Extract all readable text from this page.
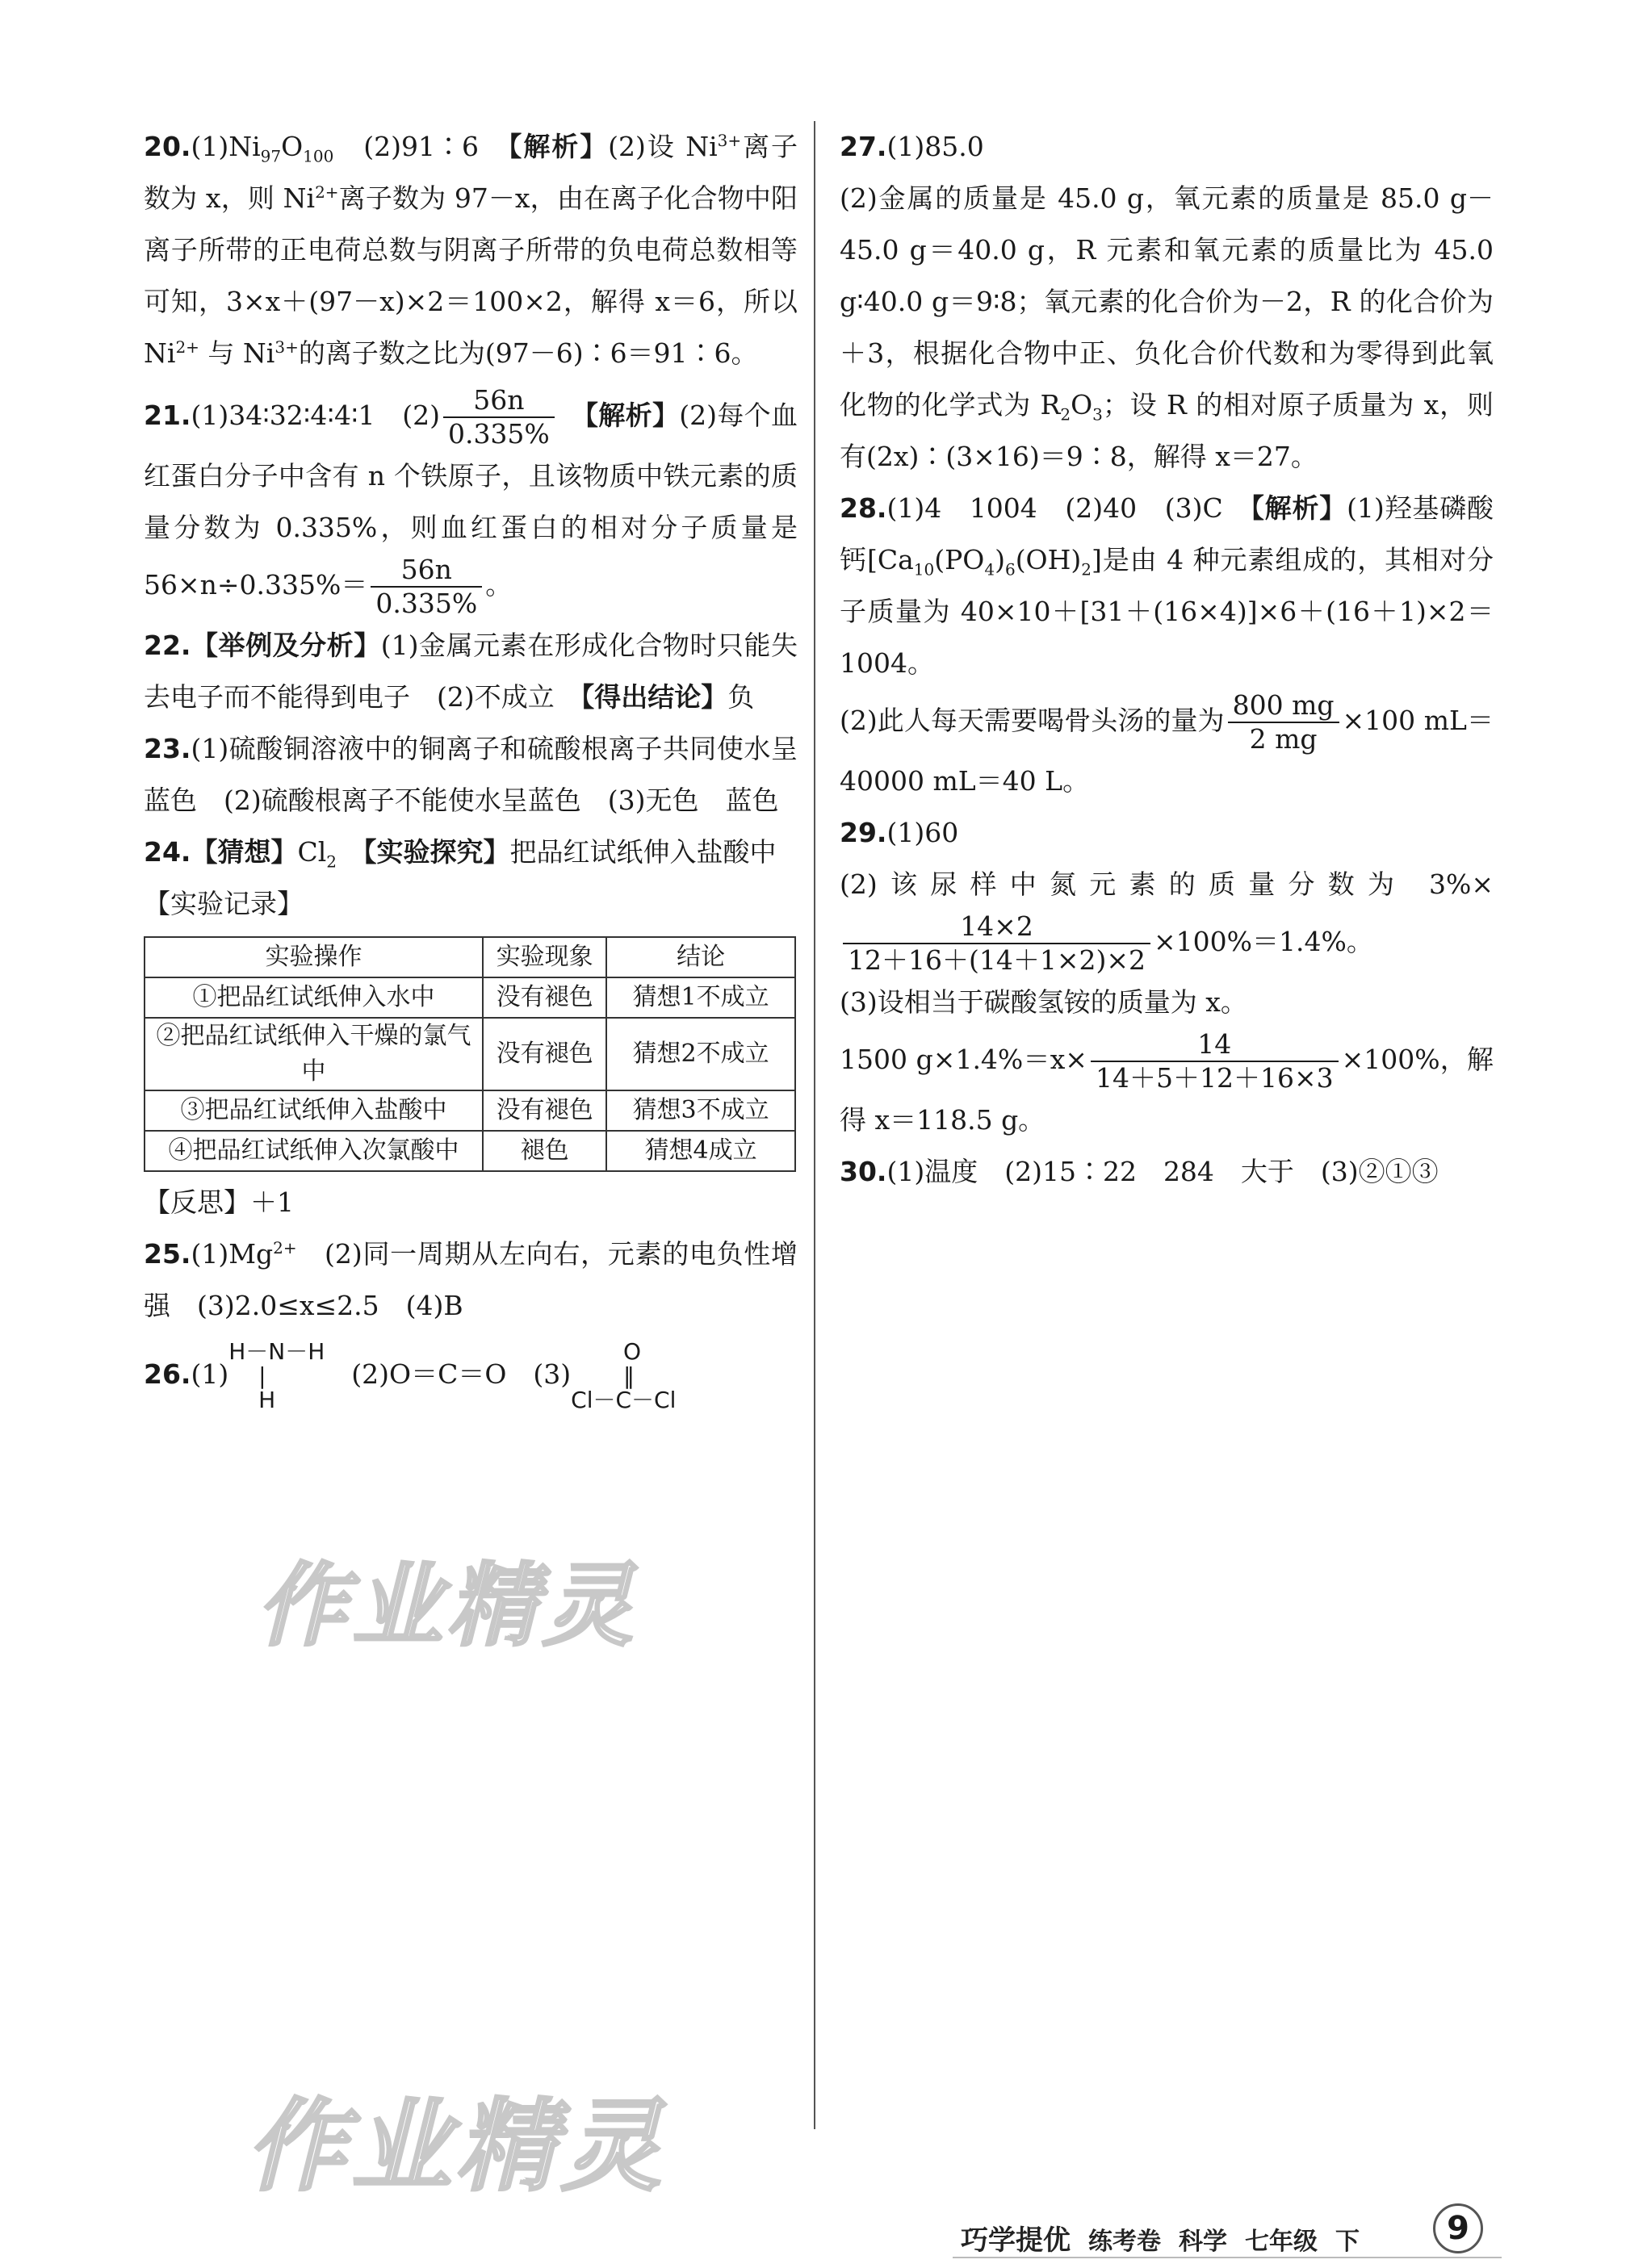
$20.(1)Ni_{97}O_{100}$　(2)91∶6　【解析】(2)设 $Ni^{3+}$离子数为 x，则 $Ni^{2+}$离子数为 97－x，由在离子化合物中阳离子所带的正电荷总数与阴离子所带的负电荷总数相等可知，3×x＋(97－x)×2＝100×2，解得 x＝6，所以 $Ni^{2+}$ 与 $Ni^{3+}$的离子数之比为(97－6)∶6＝91∶6。

21.(1)34∶32∶4∶4∶1　$(2) \frac{56n}{0.335\%}$ 　【解析】(2)每个血红蛋白分子中含有 n 个铁原子，且该物质中铁元素的质量分数为 0.335%，则血红蛋白的相对分子质量是 $56\times n\div 0.335\%= \frac{56n}{0.335\%}$ 。

22.【举例及分析】(1)金属元素在形成化合物时只能失去电子而不能得到电子　(2)不成立　【得出结论】负

23.(1)硫酸铜溶液中的铜离子和硫酸根离子共同使水呈蓝色　(2)硫酸根离子不能使水呈蓝色　(3)无色　蓝色

24.【猜想】$Cl_2$　【实验探究】把品红试纸伸入盐酸中

【实验记录】

实验操作	实验现象	结论
①把品红试纸伸入水中	没有褪色	猜想1不成立
②把品红试纸伸入干燥的氯气中	没有褪色	猜想2不成立
③把品红试纸伸入盐酸中	没有褪色	猜想3不成立
④把品红试纸伸入次氯酸中	褪色	猜想4成立

【反思】＋1

$25.(1)Mg^{2+}$　(2)同一周期从左向右，元素的电负性增强　(3)2.0≤x≤2.5　(4)B

26.(1)
H－N－H
　 |
　 H
　(2)O＝C＝O　(3)
　　 O
　　 ‖
Cl－C－Cl

27.(1)85.0

(2)金属的质量是 45.0 g，氧元素的质量是 85.0 g－45.0 g＝40.0 g，R 元素和氧元素的质量比为 45.0 g∶40.0 g＝9∶8；氧元素的化合价为－2，R 的化合价为＋3，根据化合物中正、负化合价代数和为零得到此氧化物的化学式为 $R_2O_3$；设 R 的相对原子质量为 x，则有(2x)∶(3×16)＝9∶8，解得 x＝27。

28.(1)4　1004　(2)40　(3)C　【解析】(1)羟基磷酸钙$[Ca_{10}(PO_4)_6(OH)_2]$是由 4 种元素组成的，其相对分子质量为 40×10＋[31＋(16×4)]×6＋(16＋1)×2＝1004。

(2)此人每天需要喝骨头汤的量为 $\frac{800 mg}{2 mg} \times 100$ mL＝40000 mL＝40 L。

29.(1)60

(2)该尿样中氮元素的质量分数为 3%×
$\frac{14\times 2}{12+16+(14+1\times 2)\times 2} \times 100\%=1.4\%$。

(3)设相当于碳酸氢铵的质量为 x。

1500 $g\times 1.4\%=x\times \frac{14}{14+5+12+16\times 3} \times 100\%$，解得 x＝118.5 g。

30.(1)温度　(2)15∶22　284　大于　(3)②①③

作业精灵
作业精灵
巧学提优 练考卷 科学 七年级 下	9
